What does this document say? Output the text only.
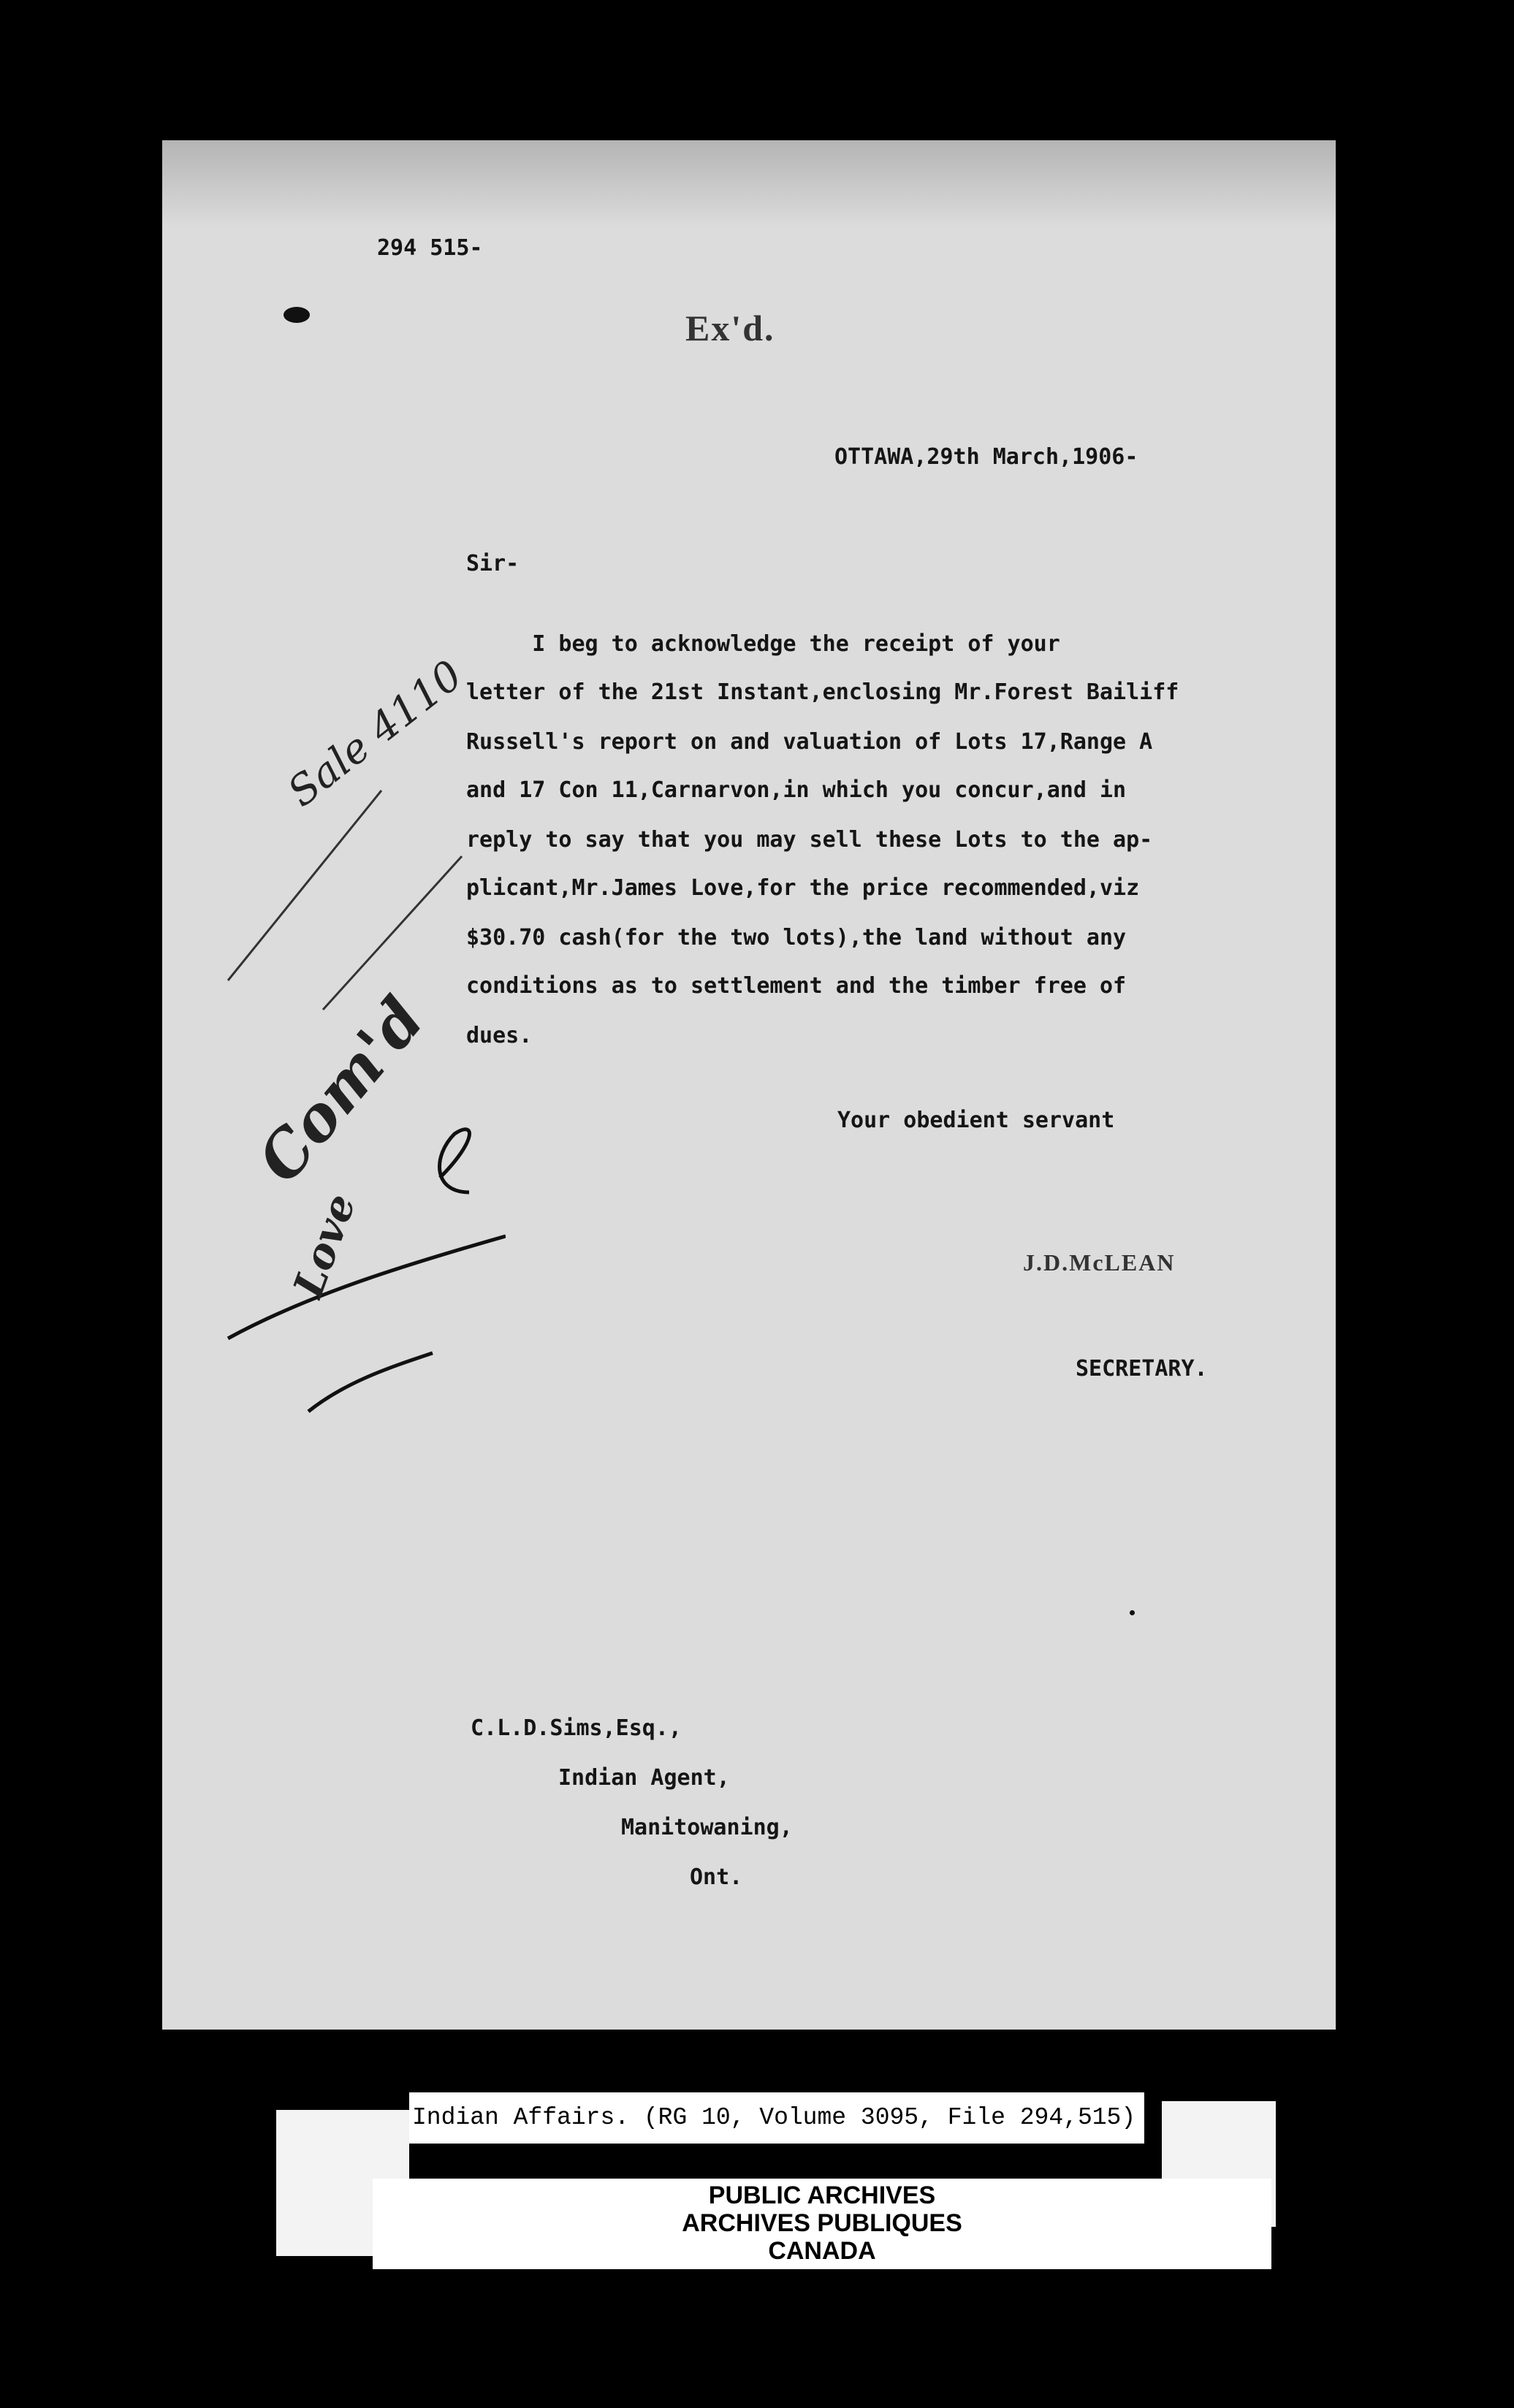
294 515-
Ex'd.
OTTAWA,29th March,1906-
Sir-
I beg to acknowledge the receipt of your
letter of the 21st Instant,enclosing Mr.Forest Bailiff
Russell's report on and valuation of Lots 17,Range A
and 17 Con 11,Carnarvon,in which you concur,and in
reply to say that you may sell these Lots to the ap-
plicant,Mr.James Love,for the price recommended,viz
$30.70 cash(for the two lots),the land without any
conditions as to settlement and the timber free of
dues.
Your obedient servant
J.D.McLEAN
SECRETARY.
C.L.D.Sims,Esq.,
Indian Agent,
Manitowaning,
Ont.
Sale 4110
Com'd
Love
Indian Affairs. (RG 10, Volume 3095, File 294,515)
PUBLIC ARCHIVES
ARCHIVES PUBLIQUES
CANADA
